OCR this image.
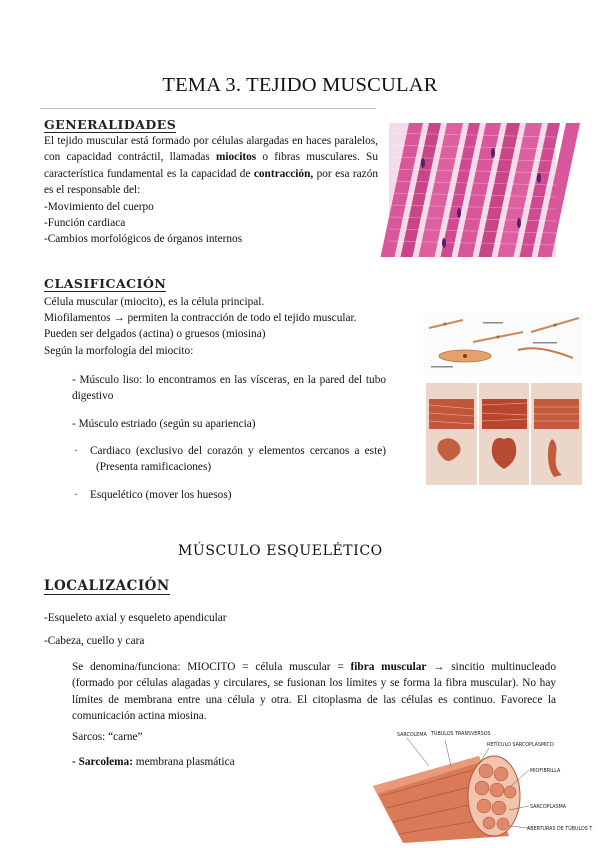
TEMA 3. TEJIDO MUSCULAR
GENERALIDADES
El tejido muscular está formado por células alargadas en haces paralelos, con capacidad contráctil, llamadas miocitos o fibras musculares. Su característica fundamental es la capacidad de contracción, por esa razón es el responsable del:
-Movimiento del cuerpo
-Función cardiaca
-Cambios morfológicos de órganos internos
CLASIFICACIÓN
Célula muscular (miocito), es la célula principal.
Miofilamentos → permiten la contracción de todo el tejido muscular.
Pueden ser delgados (actina) o gruesos (miosina)
Según la morfología del miocito:
- Músculo liso: lo encontramos en las vísceras, en la pared del tubo digestivo
- Músculo estriado (según su apariencia)
· Cardiaco (exclusivo del corazón y elementos cercanos a este) (Presenta ramificaciones)
· Esquelético (mover los huesos)
MÚSCULO ESQUELÉTICO
LOCALIZACIÓN
-Esqueleto axial y esqueleto apendicular
-Cabeza, cuello y cara
Se denomina/funciona: MIOCITO = célula muscular = fibra muscular → sincitio multinucleado (formado por células alagadas y circulares, se fusionan los límites y se forma la fibra muscular). No hay límites de membrana entre una célula y otra. El citoplasma de las células es continuo. Favorece la comunicación actina miosina.
Sarcos: “carne”
- Sarcolema: membrana plasmática
SARCOLEMA TÚBULOS TRANSVERSOS
RETÍCULO SARCOPLASMICO
MIOFIBRILLA
SARCOPLASMA
ABERTURAS DE TÚBULOS T
